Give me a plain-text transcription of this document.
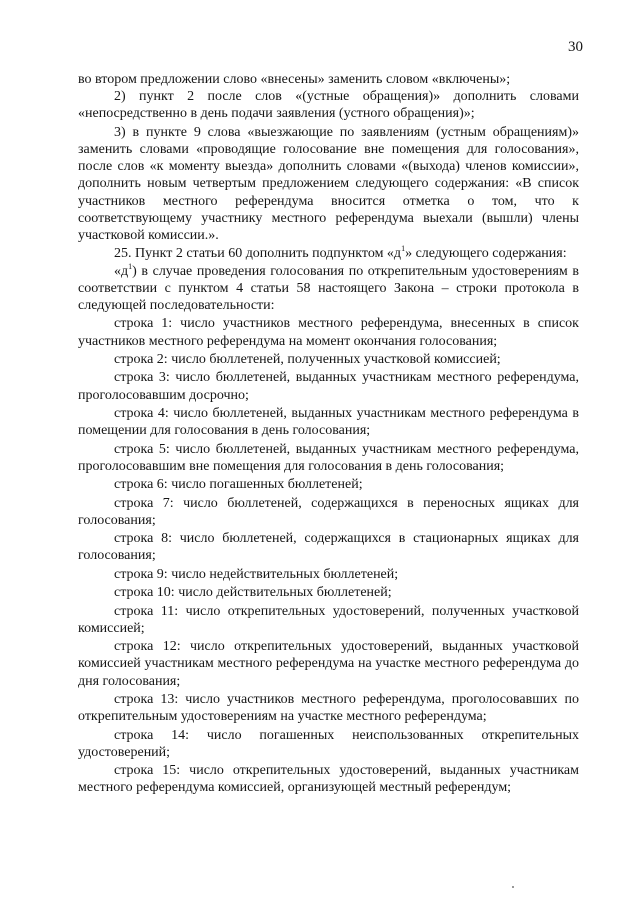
30

во втором предложении слово «внесены» заменить словом «включены»;

2) пункт 2 после слов «(устные обращения)» дополнить словами «непосредственно в день подачи заявления (устного обращения)»;

3) в пункте 9 слова «выезжающие по заявлениям (устным обращениям)» заменить словами «проводящие голосование вне помещения для голосования», после слов «к моменту выезда» дополнить словами «(выхода) членов комиссии», дополнить новым четвертым предложением следующего содержания: «В список участников местного референдума вносится отметка о том, что к соответствующему участнику местного референдума выехали (вышли) члены участковой комиссии.».

25. Пункт 2 статьи 60 дополнить подпунктом «$д^1$» следующего содержания:

«$д^1$) в случае проведения голосования по открепительным удостоверениям в соответствии с пунктом 4 статьи 58 настоящего Закона – строки протокола в следующей последовательности:

строка 1: число участников местного референдума, внесенных в список участников местного референдума на момент окончания голосования;

строка 2: число бюллетеней, полученных участковой комиссией;

строка 3: число бюллетеней, выданных участникам местного референдума, проголосовавшим досрочно;

строка 4: число бюллетеней, выданных участникам местного референдума в помещении для голосования в день голосования;

строка 5: число бюллетеней, выданных участникам местного референдума, проголосовавшим вне помещения для голосования в день голосования;

строка 6: число погашенных бюллетеней;

строка 7: число бюллетеней, содержащихся в переносных ящиках для голосования;

строка 8: число бюллетеней, содержащихся в стационарных ящиках для голосования;

строка 9: число недействительных бюллетеней;

строка 10: число действительных бюллетеней;

строка 11: число открепительных удостоверений, полученных участковой комиссией;

строка 12: число открепительных удостоверений, выданных участковой комиссией участникам местного референдума на участке местного референдума до дня голосования;

строка 13: число участников местного референдума, проголосовавших по открепительным удостоверениям на участке местного референдума;

строка 14: число погашенных неиспользованных открепительных удостоверений;

строка 15: число открепительных удостоверений, выданных участникам местного референдума комиссией, организующей местный референдум;
